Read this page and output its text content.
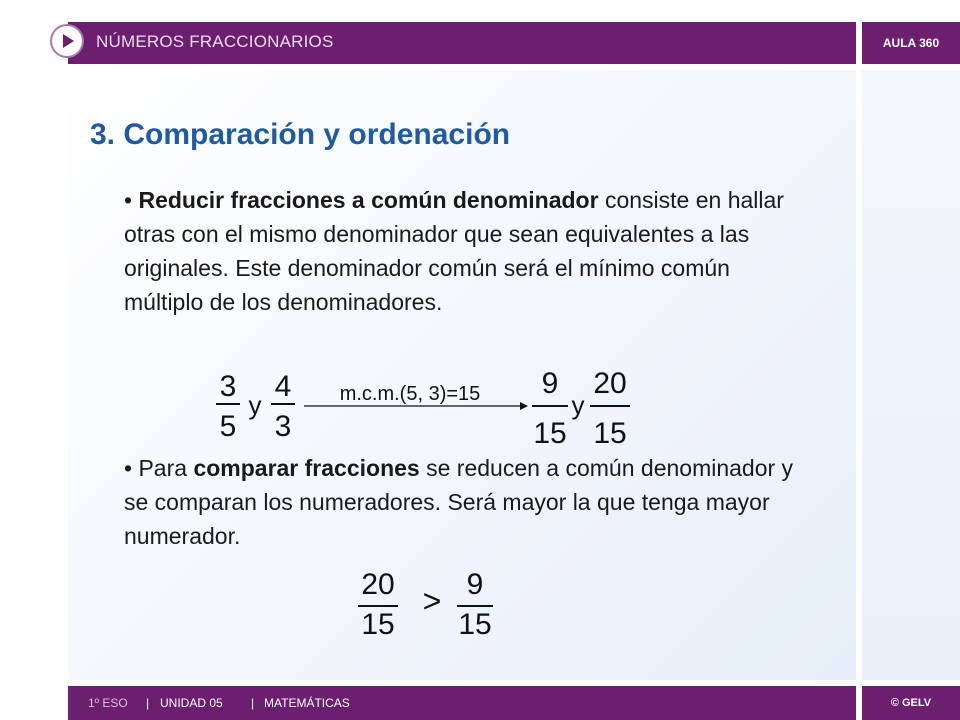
NÚMEROS FRACCIONARIOS	AULA 360
3. Comparación y ordenación
• Reducir fracciones a común denominador consiste en hallar otras con el mismo denominador que sean equivalentes a las originales. Este denominador común será el mínimo común múltiplo de los denominadores.
3
5
y
4
3
m.c.m.(5, 3)=15 9
15
y
20
15
20
15
> 9
15
• Para comparar fracciones se reducen a común denominador y se comparan los numeradores. Será mayor la que tenga mayor numerador.
1º ESO | UNIDAD 05 | MATEMÁTICAS	© GELV
